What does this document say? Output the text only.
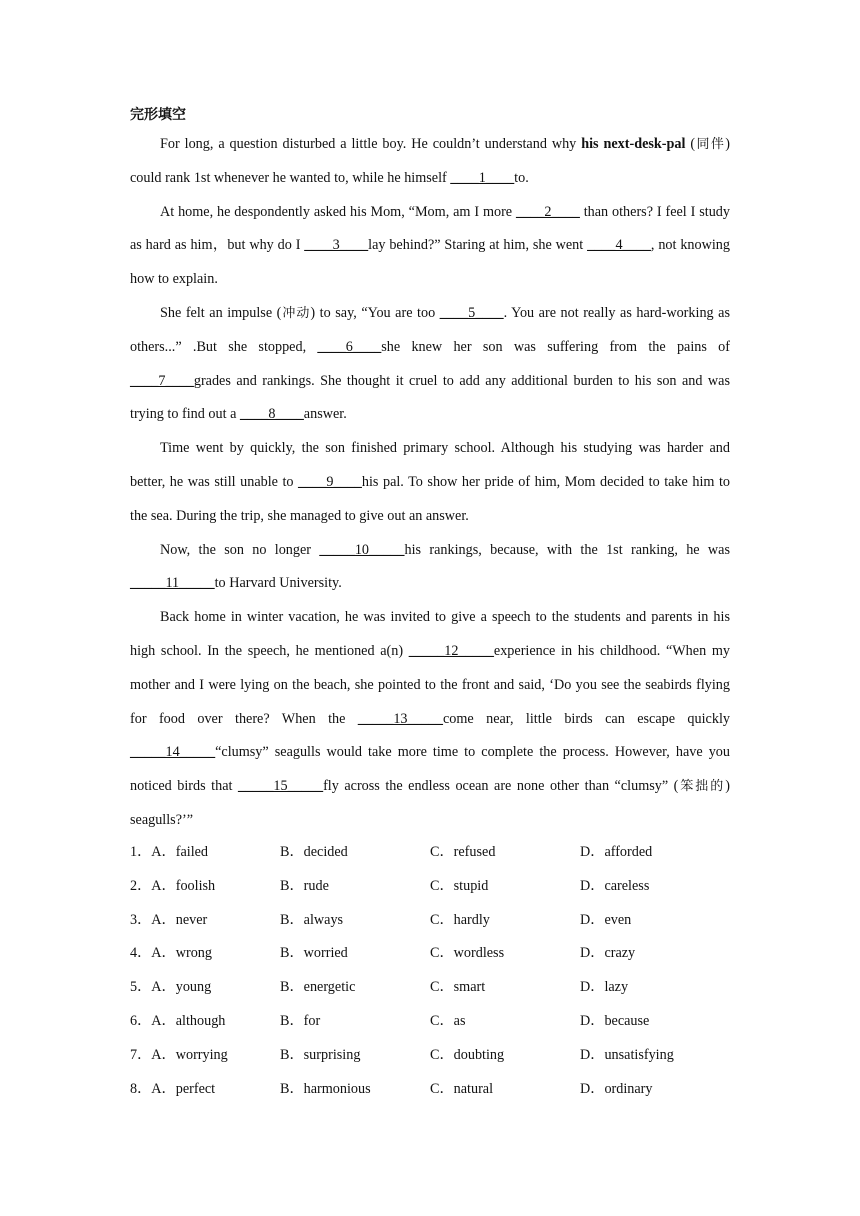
完形填空

For long, a question disturbed a little boy. He couldn’t understand why his next-desk-pal (同伴) could rank 1st whenever he wanted to, while he himself ____1____to.

At home, he despondently asked his Mom, “Mom, am I more ____2____ than others? I feel I study as hard as him，but why do I ____3____lay behind?” Staring at him, she went ____4____, not knowing how to explain.

She felt an impulse (冲动) to say, “You are too ____5____. You are not really as hard-working as others...” .But she stopped, ____6____she knew her son was suffering from the pains of ____7____grades and rankings. She thought it cruel to add any additional burden to his son and was trying to find out a ____8____answer.

Time went by quickly, the son finished primary school. Although his studying was harder and better, he was still unable to ____9____his pal. To show her pride of him, Mom decided to take him to the sea. During the trip, she managed to give out an answer.

Now, the son no longer _____10_____his rankings, because, with the 1st ranking, he was _____11_____to Harvard University.

Back home in winter vacation, he was invited to give a speech to the students and parents in his high school. In the speech, he mentioned a(n) _____12_____experience in his childhood. “When my mother and I were lying on the beach, she pointed to the front and said, ‘Do you see the seabirds flying for food over there? When the _____13_____come near, little birds can escape quickly _____14_____“clumsy” seagulls would take more time to complete the process. However, have you noticed birds that _____15_____fly across the endless ocean are none other than “clumsy” (笨拙的) seagulls?’”

1．A．failed	B．decided	C．refused	D．afforded
2．A．foolish	B．rude	C．stupid	D．careless
3．A．never	B．always	C．hardly	D．even
4．A．wrong	B．worried	C．wordless	D．crazy
5．A．young	B．energetic	C．smart	D．lazy
6．A．although	B．for	C．as	D．because
7．A．worrying	B．surprising	C．doubting	D．unsatisfying
8．A．perfect	B．harmonious	C．natural	D．ordinary
